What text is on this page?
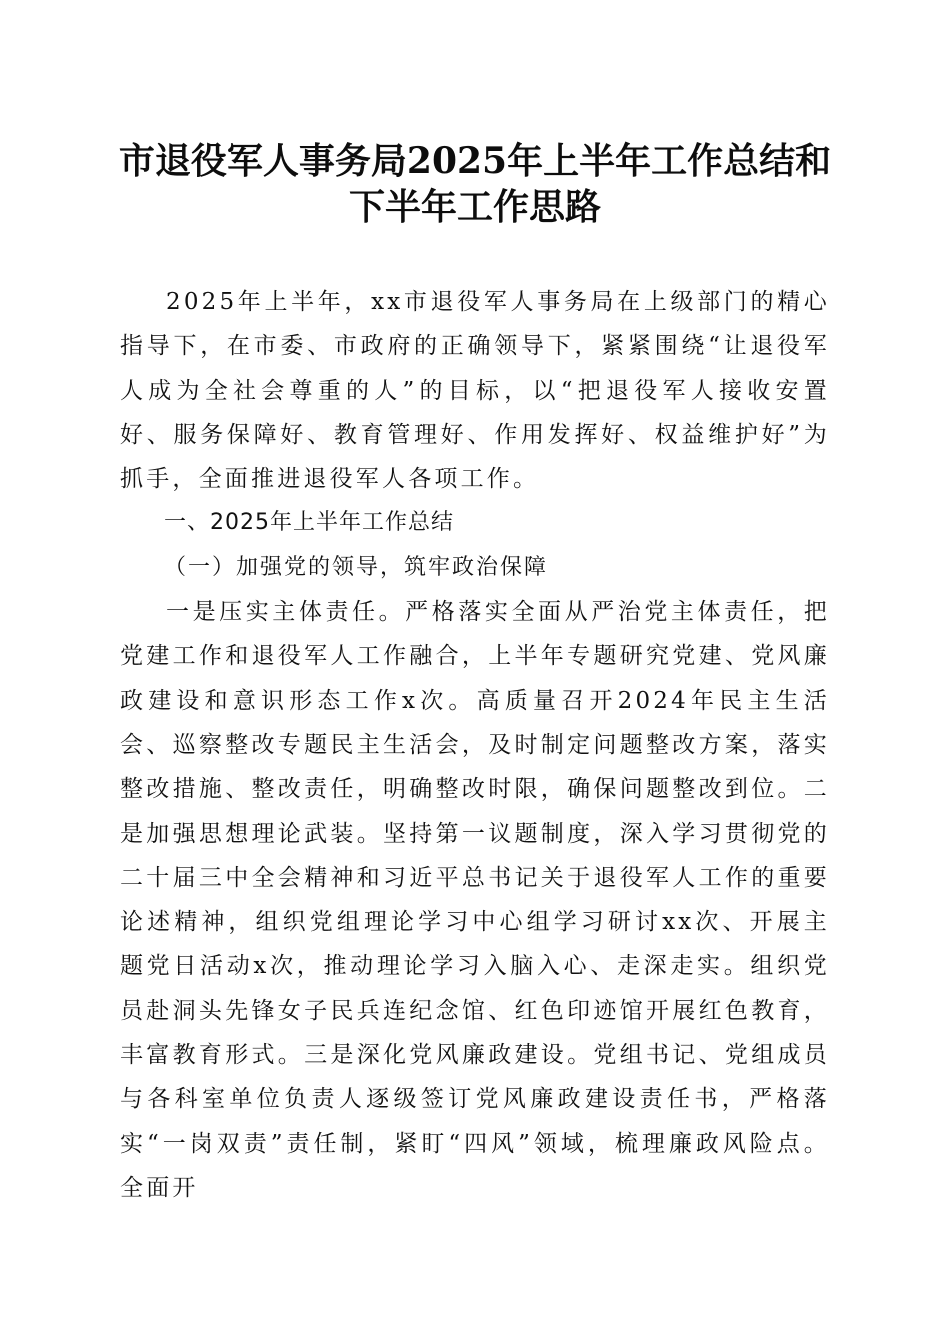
市退役军人事务局2025年上半年工作总结和
下半年工作思路

2025年上半年，xx市退役军人事务局在上级部门的精心指导下，在市委、市政府的正确领导下，紧紧围绕“让退役军人成为全社会尊重的人”的目标，以“把退役军人接收安置好、服务保障好、教育管理好、作用发挥好、权益维护好”为抓手，全面推进退役军人各项工作。

一、2025年上半年工作总结

（一）加强党的领导，筑牢政治保障

一是压实主体责任。严格落实全面从严治党主体责任，把党建工作和退役军人工作融合，上半年专题研究党建、党风廉政建设和意识形态工作x次。高质量召开2024年民主生活会、巡察整改专题民主生活会，及时制定问题整改方案，落实整改措施、整改责任，明确整改时限，确保问题整改到位。二是加强思想理论武装。坚持第一议题制度，深入学习贯彻党的二十届三中全会精神和习近平总书记关于退役军人工作的重要论述精神，组织党组理论学习中心组学习研讨xx次、开展主题党日活动x次，推动理论学习入脑入心、走深走实。组织党员赴洞头先锋女子民兵连纪念馆、红色印迹馆开展红色教育，丰富教育形式。三是深化党风廉政建设。党组书记、党组成员与各科室单位负责人逐级签订党风廉政建设责任书，严格落实“一岗双责”责任制，紧盯“四风”领域，梳理廉政风险点。全面开
